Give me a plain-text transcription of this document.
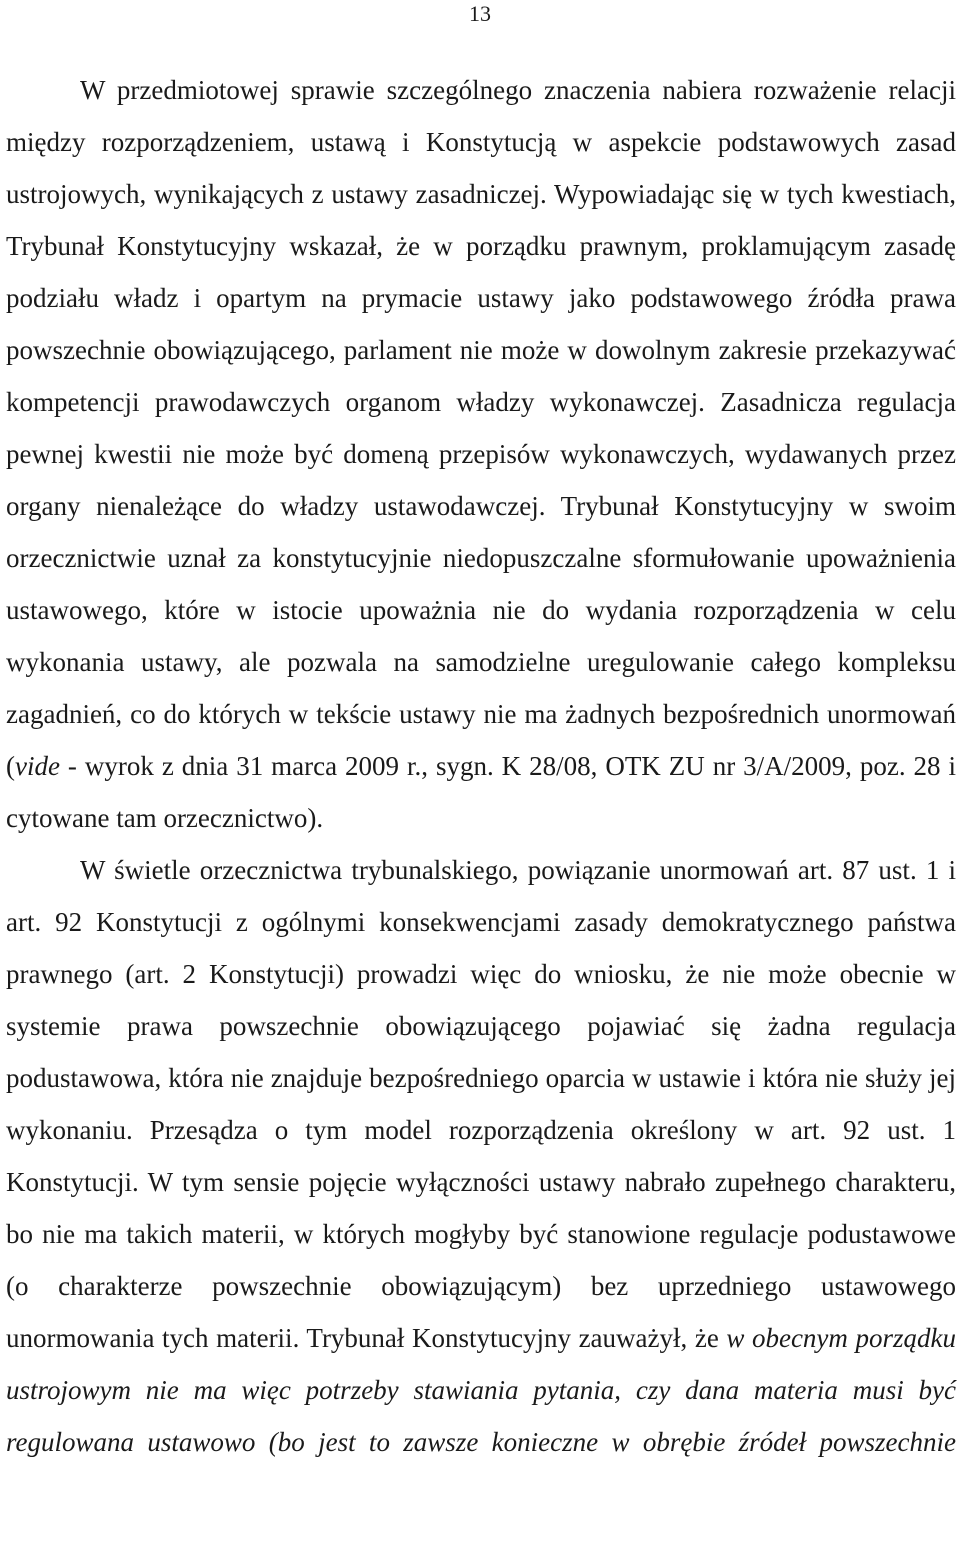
13

W przedmiotowej sprawie szczególnego znaczenia nabiera rozważenie relacji między rozporządzeniem, ustawą i Konstytucją w aspekcie podstawowych zasad ustrojowych, wynikających z ustawy zasadniczej. Wypowiadając się w tych kwestiach, Trybunał Konstytucyjny wskazał, że w porządku prawnym, proklamującym zasadę podziału władz i opartym na prymacie ustawy jako podstawowego źródła prawa powszechnie obowiązującego, parlament nie może w dowolnym zakresie przekazywać kompetencji prawodawczych organom władzy wykonawczej. Zasadnicza regulacja pewnej kwestii nie może być domeną przepisów wykonawczych, wydawanych przez organy nienależące do władzy ustawodawczej. Trybunał Konstytucyjny w swoim orzecznictwie uznał za konstytucyjnie niedopuszczalne sformułowanie upoważnienia ustawowego, które w istocie upoważnia nie do wydania rozporządzenia w celu wykonania ustawy, ale pozwala na samodzielne uregulowanie całego kompleksu zagadnień, co do których w tekście ustawy nie ma żadnych bezpośrednich unormowań (vide - wyrok z dnia 31 marca 2009 r., sygn. K 28/08, OTK ZU nr 3/A/2009, poz. 28 i cytowane tam orzecznictwo).

W świetle orzecznictwa trybunalskiego, powiązanie unormowań art. 87 ust. 1 i art. 92 Konstytucji z ogólnymi konsekwencjami zasady demokratycznego państwa prawnego (art. 2 Konstytucji) prowadzi więc do wniosku, że nie może obecnie w systemie prawa powszechnie obowiązującego pojawiać się żadna regulacja podustawowa, która nie znajduje bezpośredniego oparcia w ustawie i która nie służy jej wykonaniu. Przesądza o tym model rozporządzenia określony w art. 92 ust. 1 Konstytucji. W tym sensie pojęcie wyłączności ustawy nabrało zupełnego charakteru, bo nie ma takich materii, w których mogłyby być stanowione regulacje podustawowe (o charakterze powszechnie obowiązującym) bez uprzedniego ustawowego unormowania tych materii. Trybunał Konstytucyjny zauważył, że w obecnym porządku ustrojowym nie ma więc potrzeby stawiania pytania, czy dana materia musi być regulowana ustawowo (bo jest to zawsze konieczne w obrębie źródeł powszechnie
